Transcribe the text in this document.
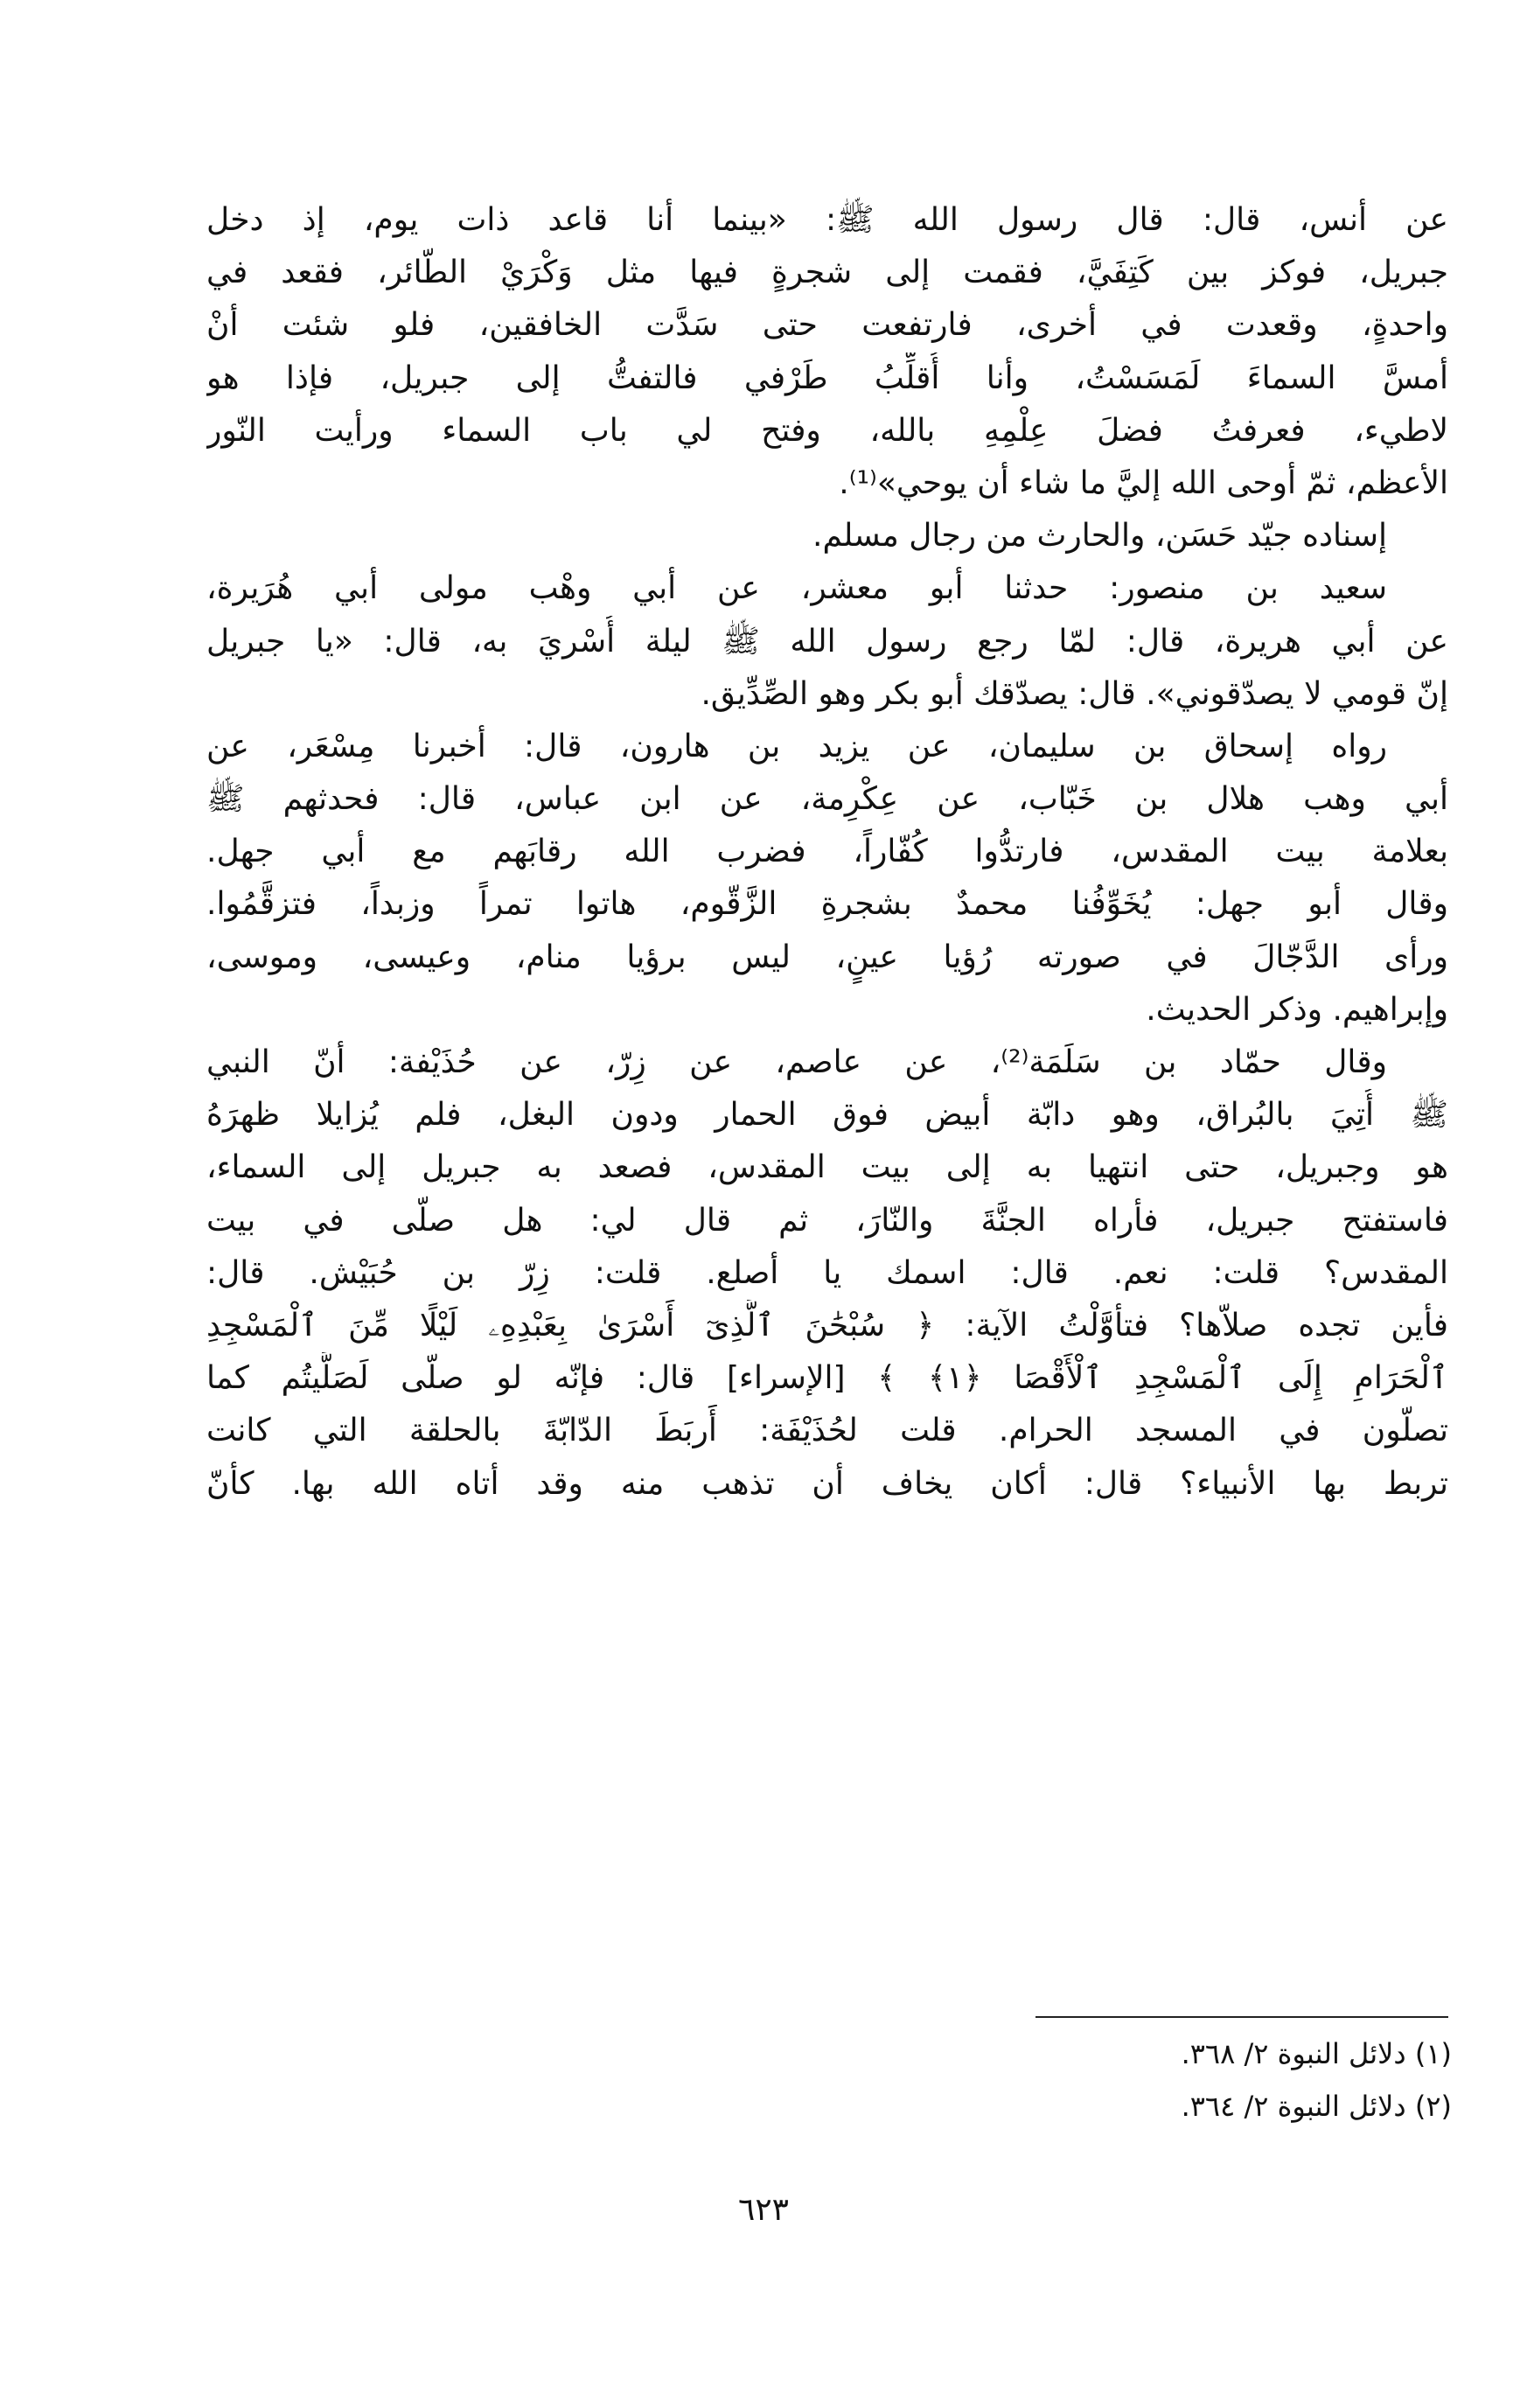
عن أنس، قال: قال رسول الله ﷺ: «بينما أنا قاعد ذات يوم، إذ دخل
جبريل، فوكز بين كَتِفَيَّ، فقمت إلى شجرةٍ فيها مثل وَكْرَيْ الطّائر، فقعد في
واحدةٍ، وقعدت في أخرى، فارتفعت حتى سَدَّت الخافقين، فلو شئت أنْ
أمسَّ السماءَ لَمَسَسْتُ، وأنا أُقلِّبُ طَرْفي فالتفتُّ إلى جبريل، فإذا هو
لاطيء، فعرفتُ فضلَ عِلْمِهِ بالله، وفتح لي باب السماء ورأيت النّور
الأعظم، ثمّ أوحى الله إليَّ ما شاء أن يوحي»⁽¹⁾.
إسناده جيّد حَسَن، والحارث من رجال مسلم.
سعيد بن منصور: حدثنا أبو معشر، عن أبي وهْب مولى أبي هُرَيرة،
عن أبي هريرة، قال: لمّا رجع رسول الله ﷺ ليلة أُسْريَ به، قال: «يا جبريل
إنّ قومي لا يصدّقوني». قال: يصدّقك أبو بكر وهو الصِّدِّيق.
رواه إسحاق بن سليمان، عن يزيد بن هارون، قال: أخبرنا مِسْعَر، عن
أبي وهب هلال بن خَبّاب، عن عِكْرِمة، عن ابن عباس، قال: فحدثهم ﷺ
بعلامة بيت المقدس، فارتدُّوا كُفّاراً، فضرب الله رقابَهم مع أبي جهل.
وقال أبو جهل: يُخَوِّفُنا محمدٌ بشجرةِ الزَّقّوم، هاتوا تمراً وزبداً، فتزقَّمُوا.
ورأى الدَّجّالَ في صورته رُؤيا عينٍ، ليس برؤيا منام، وعيسى، وموسى،
وإبراهيم. وذكر الحديث.
وقال حمّاد بن سَلَمَة⁽²⁾، عن عاصم، عن زِرّ، عن حُذَيْفة: أنّ النبي
ﷺ أُتِيَ بالبُراق، وهو دابّة أبيض فوق الحمار ودون البغل، فلم يُزايلا ظهرَهُ
هو وجبريل، حتى انتهيا به إلى بيت المقدس، فصعد به جبريل إلى السماء،
فاستفتح جبريل، فأراه الجنَّةَ والنّارَ، ثم قال لي: هل صلّى في بيت
المقدس؟ قلت: نعم. قال: اسمك يا أصلع. قلت: زِرّ بن حُبَيْش. قال:
فأين تجده صلاّها؟ فتأوَّلْتُ الآية: ﴿ سُبْحَٰنَ ٱلَّذِىٓ أَسْرَىٰ بِعَبْدِهِۦ لَيْلًا مِّنَ ٱلْمَسْجِدِ
ٱلْحَرَامِ إِلَى ٱلْمَسْجِدِ ٱلْأَقْصَا ﴿١﴾ ﴾ [الإسراء] قال: فإنّه لو صلّى لَصَلَّيتُم كما
تصلّون في المسجد الحرام. قلت لحُذَيْفَة: أَربَطَ الدّابّةَ بالحلقة التي كانت
تربط بها الأنبياء؟ قال: أكان يخاف أن تذهب منه وقد أتاه الله بها. كأنّ
(١) دلائل النبوة ٢/ ٣٦٨.
(٢) دلائل النبوة ٢/ ٣٦٤.
٦٢٣
